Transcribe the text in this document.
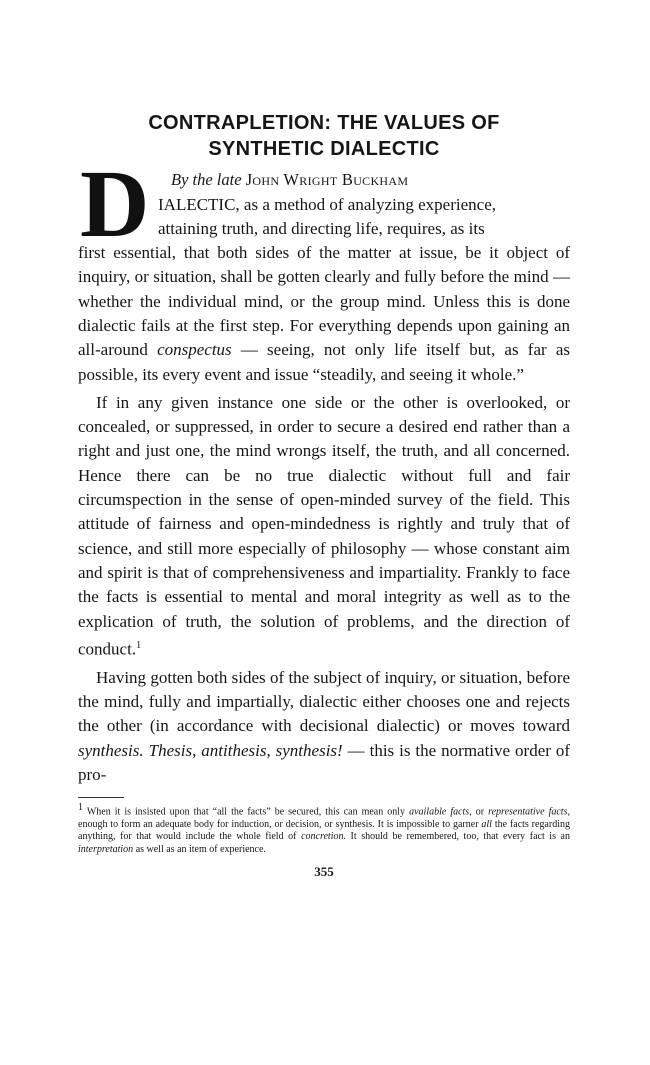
CONTRAPLETION: THE VALUES OF
SYNTHETIC DIALECTIC
D By the late John Wright Buckham

IALECTIC, as a method of analyzing experience,
attaining truth, and directing life, requires, as its
first essential, that both sides of the matter at issue, be it object of inquiry, or situation, shall be gotten clearly and fully before the mind — whether the individual mind, or the group mind. Unless this is done dialectic fails at the first step. For everything depends upon gaining an all-around conspectus — seeing, not only life itself but, as far as possible, its every event and issue “steadily, and seeing it whole.”

If in any given instance one side or the other is overlooked, or concealed, or suppressed, in order to secure a desired end rather than a right and just one, the mind wrongs itself, the truth, and all concerned. Hence there can be no true dialectic without full and fair circumspection in the sense of open-minded survey of the field. This attitude of fairness and open-mindedness is rightly and truly that of science, and still more especially of philosophy — whose constant aim and spirit is that of comprehensiveness and impartiality. Frankly to face the facts is essential to mental and moral integrity as well as to the explication of truth, the solution of problems, and the direction of conduct.$^1$

Having gotten both sides of the subject of inquiry, or situation, before the mind, fully and impartially, dialectic either chooses one and rejects the other (in accordance with decisional dialectic) or moves toward synthesis. Thesis, antithesis, synthesis! — this is the normative order of pro-

$^1$ When it is insisted upon that “all the facts” be secured, this can mean only available facts, or representative facts, enough to form an adequate body for induction, or decision, or synthesis. It is impossible to garner all the facts regarding anything, for that would include the whole field of concretion. It should be remembered, too, that every fact is an interpretation as well as an item of experience.

355
